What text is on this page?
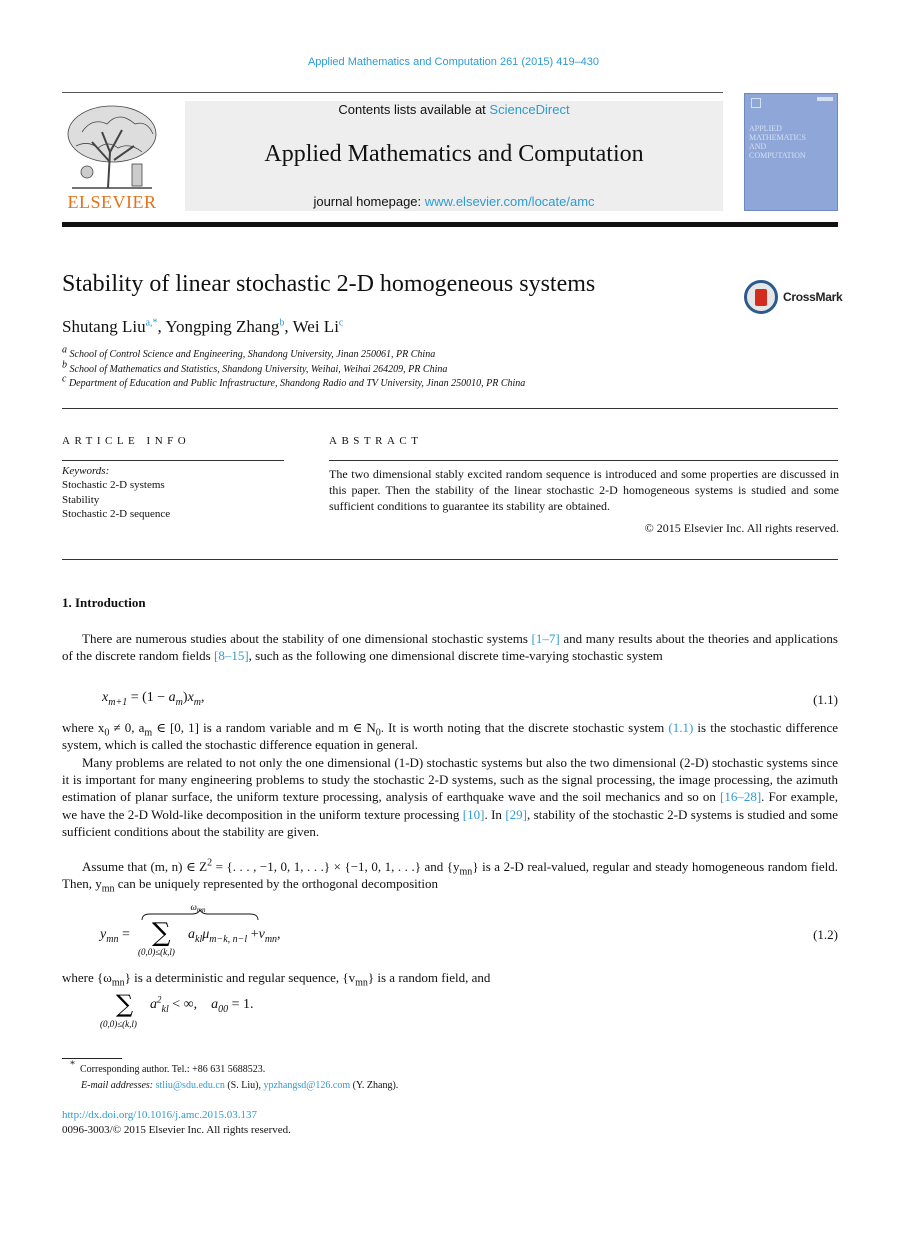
Applied Mathematics and Computation 261 (2015) 419–430
ELSEVIER
Contents lists available at ScienceDirect
Applied Mathematics and Computation
journal homepage: www.elsevier.com/locate/amc
APPLIED
MATHEMATICS
AND
COMPUTATION
Stability of linear stochastic 2-D homogeneous systems	CrossMark
Shutang Liu$^{a,*}$, Yongping Zhang$^b$, Wei Li$^c$
$^a$ School of Control Science and Engineering, Shandong University, Jinan 250061, PR China
$^b$ School of Mathematics and Statistics, Shandong University, Weihai, Weihai 264209, PR China
$^c$ Department of Education and Public Infrastructure, Shandong Radio and TV University, Jinan 250010, PR China
ARTICLE INFO
Keywords:
Stochastic 2-D systems
Stability
Stochastic 2-D sequence
ABSTRACT
The two dimensional stably excited random sequence is introduced and some properties are discussed in this paper. Then the stability of the linear stochastic 2-D homogeneous systems is studied and some sufficient conditions to guarantee its stability are obtained.
© 2015 Elsevier Inc. All rights reserved.
1. Introduction
There are numerous studies about the stability of one dimensional stochastic systems [1–7] and many results about the theories and applications of the discrete random fields [8–15], such as the following one dimensional discrete time-varying stochastic system
$x_{m+1} = (1 - a_m)x_m$,	(1.1)
where $x_0 \ne 0$, $a_m$ ∈ [0, 1] is a random variable and m ∈ $N_0$. It is worth noting that the discrete stochastic system (1.1) is the stochastic difference system, which is called the stochastic difference equation in general.
Many problems are related to not only the one dimensional (1-D) stochastic systems but also the two dimensional (2-D) stochastic systems since it is important for many engineering problems to study the stochastic 2-D systems, such as the signal processing, the image processing, the azimuth estimation of planar surface, the uniform texture processing, analysis of earthquake wave and the soil mechanics and so on [16–28]. For example, we have the 2-D Wold-like decomposition in the uniform texture processing [10]. In [29], stability of the stochastic 2-D systems is studied and some sufficient conditions about the stability are given.
Assume that (m, n) ∈ $Z^2$ = {. . . , −1, 0, 1, . . .} × {−1, 0, 1, . . .} and $\{y_{mn}\}$ is a 2-D real-valued, regular and steady homogeneous random field. Then, $y_{mn}$ can be uniquely represented by the orthogonal decomposition
$\omega_{mn}$
$y_{mn}$ = ∑ $a_{kl}\mu_{m-k, n-l} +v_{mn}$,
(0,0)≤(k,l)
(1.2)
where $\{\omega_{mn}\}$ is a deterministic and regular sequence, $\{v_{mn}\}$ is a random field, and
∑ $a^2_{kl}$ < ∞,    $a_{00} = 1$.
(0,0)≤(k,l)
* Corresponding author. Tel.: +86 631 5688523.
E-mail addresses: stliu@sdu.edu.cn (S. Liu), ypzhangsd@126.com (Y. Zhang).
http://dx.doi.org/10.1016/j.amc.2015.03.137
0096-3003/© 2015 Elsevier Inc. All rights reserved.
